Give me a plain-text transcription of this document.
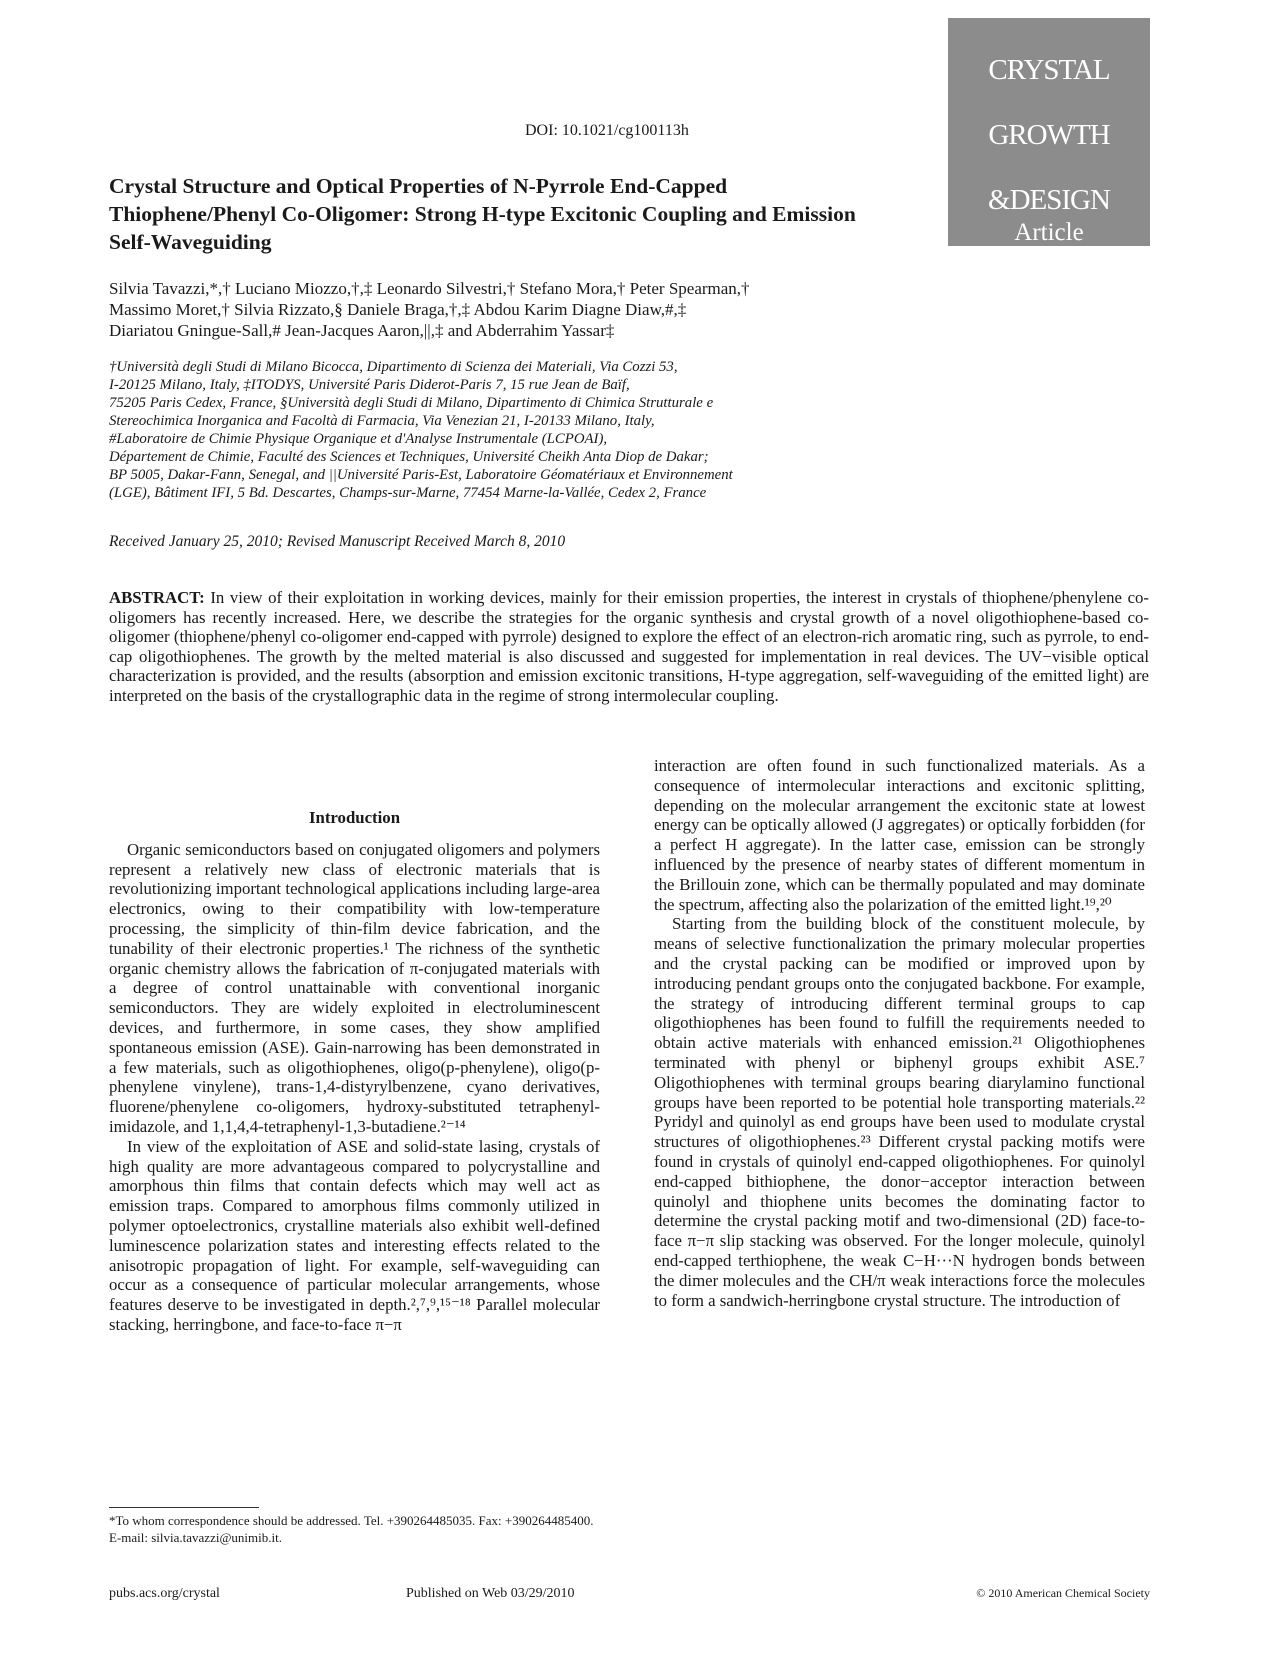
CRYSTAL
GROWTH
&DESIGN
Article
2010, Vol. 10
2342–2349
DOI: 10.1021/cg100113h
Crystal Structure and Optical Properties of N-Pyrrole End-Capped Thiophene/Phenyl Co-Oligomer: Strong H-type Excitonic Coupling and Emission Self-Waveguiding
Silvia Tavazzi,*,† Luciano Miozzo,†,‡ Leonardo Silvestri,† Stefano Mora,† Peter Spearman,†
Massimo Moret,† Silvia Rizzato,§ Daniele Braga,†,‡ Abdou Karim Diagne Diaw,#,‡
Diariatou Gningue-Sall,# Jean-Jacques Aaron,||,‡ and Abderrahim Yassar‡
†Università degli Studi di Milano Bicocca, Dipartimento di Scienza dei Materiali, Via Cozzi 53,
I-20125 Milano, Italy, ‡ITODYS, Université Paris Diderot-Paris 7, 15 rue Jean de Baïf,
75205 Paris Cedex, France, §Università degli Studi di Milano, Dipartimento di Chimica Strutturale e
Stereochimica Inorganica and Facoltà di Farmacia, Via Venezian 21, I-20133 Milano, Italy,
#Laboratoire de Chimie Physique Organique et d'Analyse Instrumentale (LCPOAI),
Département de Chimie, Faculté des Sciences et Techniques, Université Cheikh Anta Diop de Dakar;
BP 5005, Dakar-Fann, Senegal, and ||Université Paris-Est, Laboratoire Géomatériaux et Environnement
(LGE), Bâtiment IFI, 5 Bd. Descartes, Champs-sur-Marne, 77454 Marne-la-Vallée, Cedex 2, France
Received January 25, 2010; Revised Manuscript Received March 8, 2010
ABSTRACT: In view of their exploitation in working devices, mainly for their emission properties, the interest in crystals of thiophene/phenylene co-oligomers has recently increased. Here, we describe the strategies for the organic synthesis and crystal growth of a novel oligothiophene-based co-oligomer (thiophene/phenyl co-oligomer end-capped with pyrrole) designed to explore the effect of an electron-rich aromatic ring, such as pyrrole, to end-cap oligothiophenes. The growth by the melted material is also discussed and suggested for implementation in real devices. The UV−visible optical characterization is provided, and the results (absorption and emission excitonic transitions, H-type aggregation, self-waveguiding of the emitted light) are interpreted on the basis of the crystallographic data in the regime of strong intermolecular coupling.

Introduction

Organic semiconductors based on conjugated oligomers and polymers represent a relatively new class of electronic materials that is revolutionizing important technological applications including large-area electronics, owing to their compatibility with low-temperature processing, the simplicity of thin-film device fabrication, and the tunability of their electronic properties.¹ The richness of the synthetic organic chemistry allows the fabrication of π-conjugated materials with a degree of control unattainable with conventional inorganic semiconductors. They are widely exploited in electroluminescent devices, and furthermore, in some cases, they show amplified spontaneous emission (ASE). Gain-narrowing has been demonstrated in a few materials, such as oligothiophenes, oligo(p-phenylene), oligo(p-phenylene vinylene), trans-1,4-distyrylbenzene, cyano derivatives, fluorene/phenylene co-oligomers, hydroxy-substituted tetraphenyl-imidazole, and 1,1,4,4-tetraphenyl-1,3-butadiene.²⁻¹⁴

In view of the exploitation of ASE and solid-state lasing, crystals of high quality are more advantageous compared to polycrystalline and amorphous thin films that contain defects which may well act as emission traps. Compared to amorphous films commonly utilized in polymer optoelectronics, crystalline materials also exhibit well-defined luminescence polarization states and interesting effects related to the anisotropic propagation of light. For example, self-waveguiding can occur as a consequence of particular molecular arrangements, whose features deserve to be investigated in depth.²,⁷,⁹,¹⁵⁻¹⁸ Parallel molecular stacking, herringbone, and face-to-face π−π

interaction are often found in such functionalized materials. As a consequence of intermolecular interactions and excitonic splitting, depending on the molecular arrangement the excitonic state at lowest energy can be optically allowed (J aggregates) or optically forbidden (for a perfect H aggregate). In the latter case, emission can be strongly influenced by the presence of nearby states of different momentum in the Brillouin zone, which can be thermally populated and may dominate the spectrum, affecting also the polarization of the emitted light.¹⁹,²⁰

Starting from the building block of the constituent molecule, by means of selective functionalization the primary molecular properties and the crystal packing can be modified or improved upon by introducing pendant groups onto the conjugated backbone. For example, the strategy of introducing different terminal groups to cap oligothiophenes has been found to fulfill the requirements needed to obtain active materials with enhanced emission.²¹ Oligothiophenes terminated with phenyl or biphenyl groups exhibit ASE.⁷ Oligothiophenes with terminal groups bearing diarylamino functional groups have been reported to be potential hole transporting materials.²² Pyridyl and quinolyl as end groups have been used to modulate crystal structures of oligothiophenes.²³ Different crystal packing motifs were found in crystals of quinolyl end-capped oligothiophenes. For quinolyl end-capped bithiophene, the donor−acceptor interaction between quinolyl and thiophene units becomes the dominating factor to determine the crystal packing motif and two-dimensional (2D) face-to-face π−π slip stacking was observed. For the longer molecule, quinolyl end-capped terthiophene, the weak C−H···N hydrogen bonds between the dimer molecules and the CH/π weak interactions force the molecules to form a sandwich-herringbone crystal structure. The introduction of

*To whom correspondence should be addressed. Tel. +390264485035. Fax: +390264485400. E-mail: silvia.tavazzi@unimib.it.
pubs.acs.org/crystal	Published on Web 03/29/2010	© 2010 American Chemical Society
